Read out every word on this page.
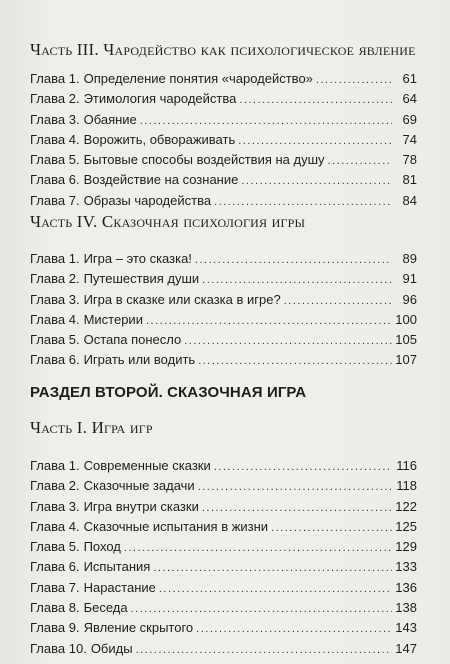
Часть III. Чародейство как психологическое явление
Глава 1. Определение понятия «чародейство» .....	61
Глава 2. Этимология чародейства .....	64
Глава 3. Обаяние .....	69
Глава 4. Ворожить, обвораживать .....	74
Глава 5. Бытовые способы воздействия на душу .....	78
Глава 6. Воздействие на сознание .....	81
Глава 7. Образы чародейства .....	84
Часть IV. Сказочная психология игры
Глава 1. Игра – это сказка! .....	89
Глава 2. Путешествия души .....	91
Глава 3. Игра в сказке или сказка в игре? .....	96
Глава 4. Мистерии .....	100
Глава 5. Остапа понесло .....	105
Глава 6. Играть или водить .....	107
РАЗДЕЛ ВТОРОЙ. СКАЗОЧНАЯ ИГРА
Часть I. Игра игр
Глава 1. Современные сказки .....	116
Глава 2. Сказочные задачи .....	118
Глава 3. Игра внутри сказки .....	122
Глава 4. Сказочные испытания в жизни .....	125
Глава 5. Поход .....	129
Глава 6. Испытания .....	133
Глава 7. Нарастание .....	136
Глава 8. Беседа .....	138
Глава 9. Явление скрытого .....	143
Глава 10. Обиды .....	147
